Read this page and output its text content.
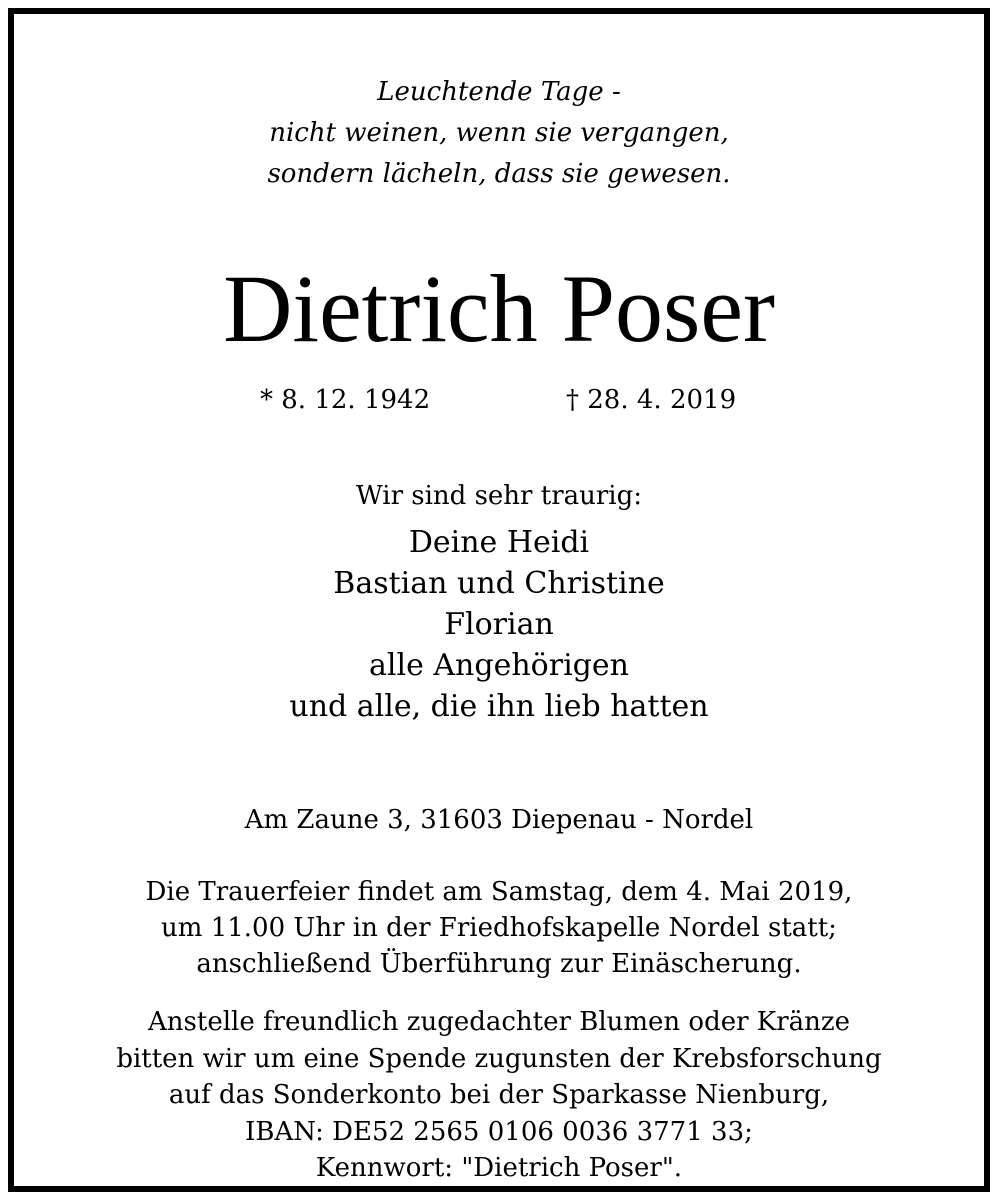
Leuchtende Tage -
nicht weinen, wenn sie vergangen,
sondern lächeln, dass sie gewesen.
Dietrich Poser
* 8. 12. 1942	† 28. 4. 2019
Wir sind sehr traurig:
Deine Heidi
Bastian und Christine
Florian
alle Angehörigen
und alle, die ihn lieb hatten
Am Zaune 3, 31603 Diepenau - Nordel
Die Trauerfeier findet am Samstag, dem 4. Mai 2019,
um 11.00 Uhr in der Friedhofskapelle Nordel statt;
anschließend Überführung zur Einäscherung.
Anstelle freundlich zugedachter Blumen oder Kränze
bitten wir um eine Spende zugunsten der Krebsforschung
auf das Sonderkonto bei der Sparkasse Nienburg,
IBAN: DE52 2565 0106 0036 3771 33;
Kennwort: "Dietrich Poser".
